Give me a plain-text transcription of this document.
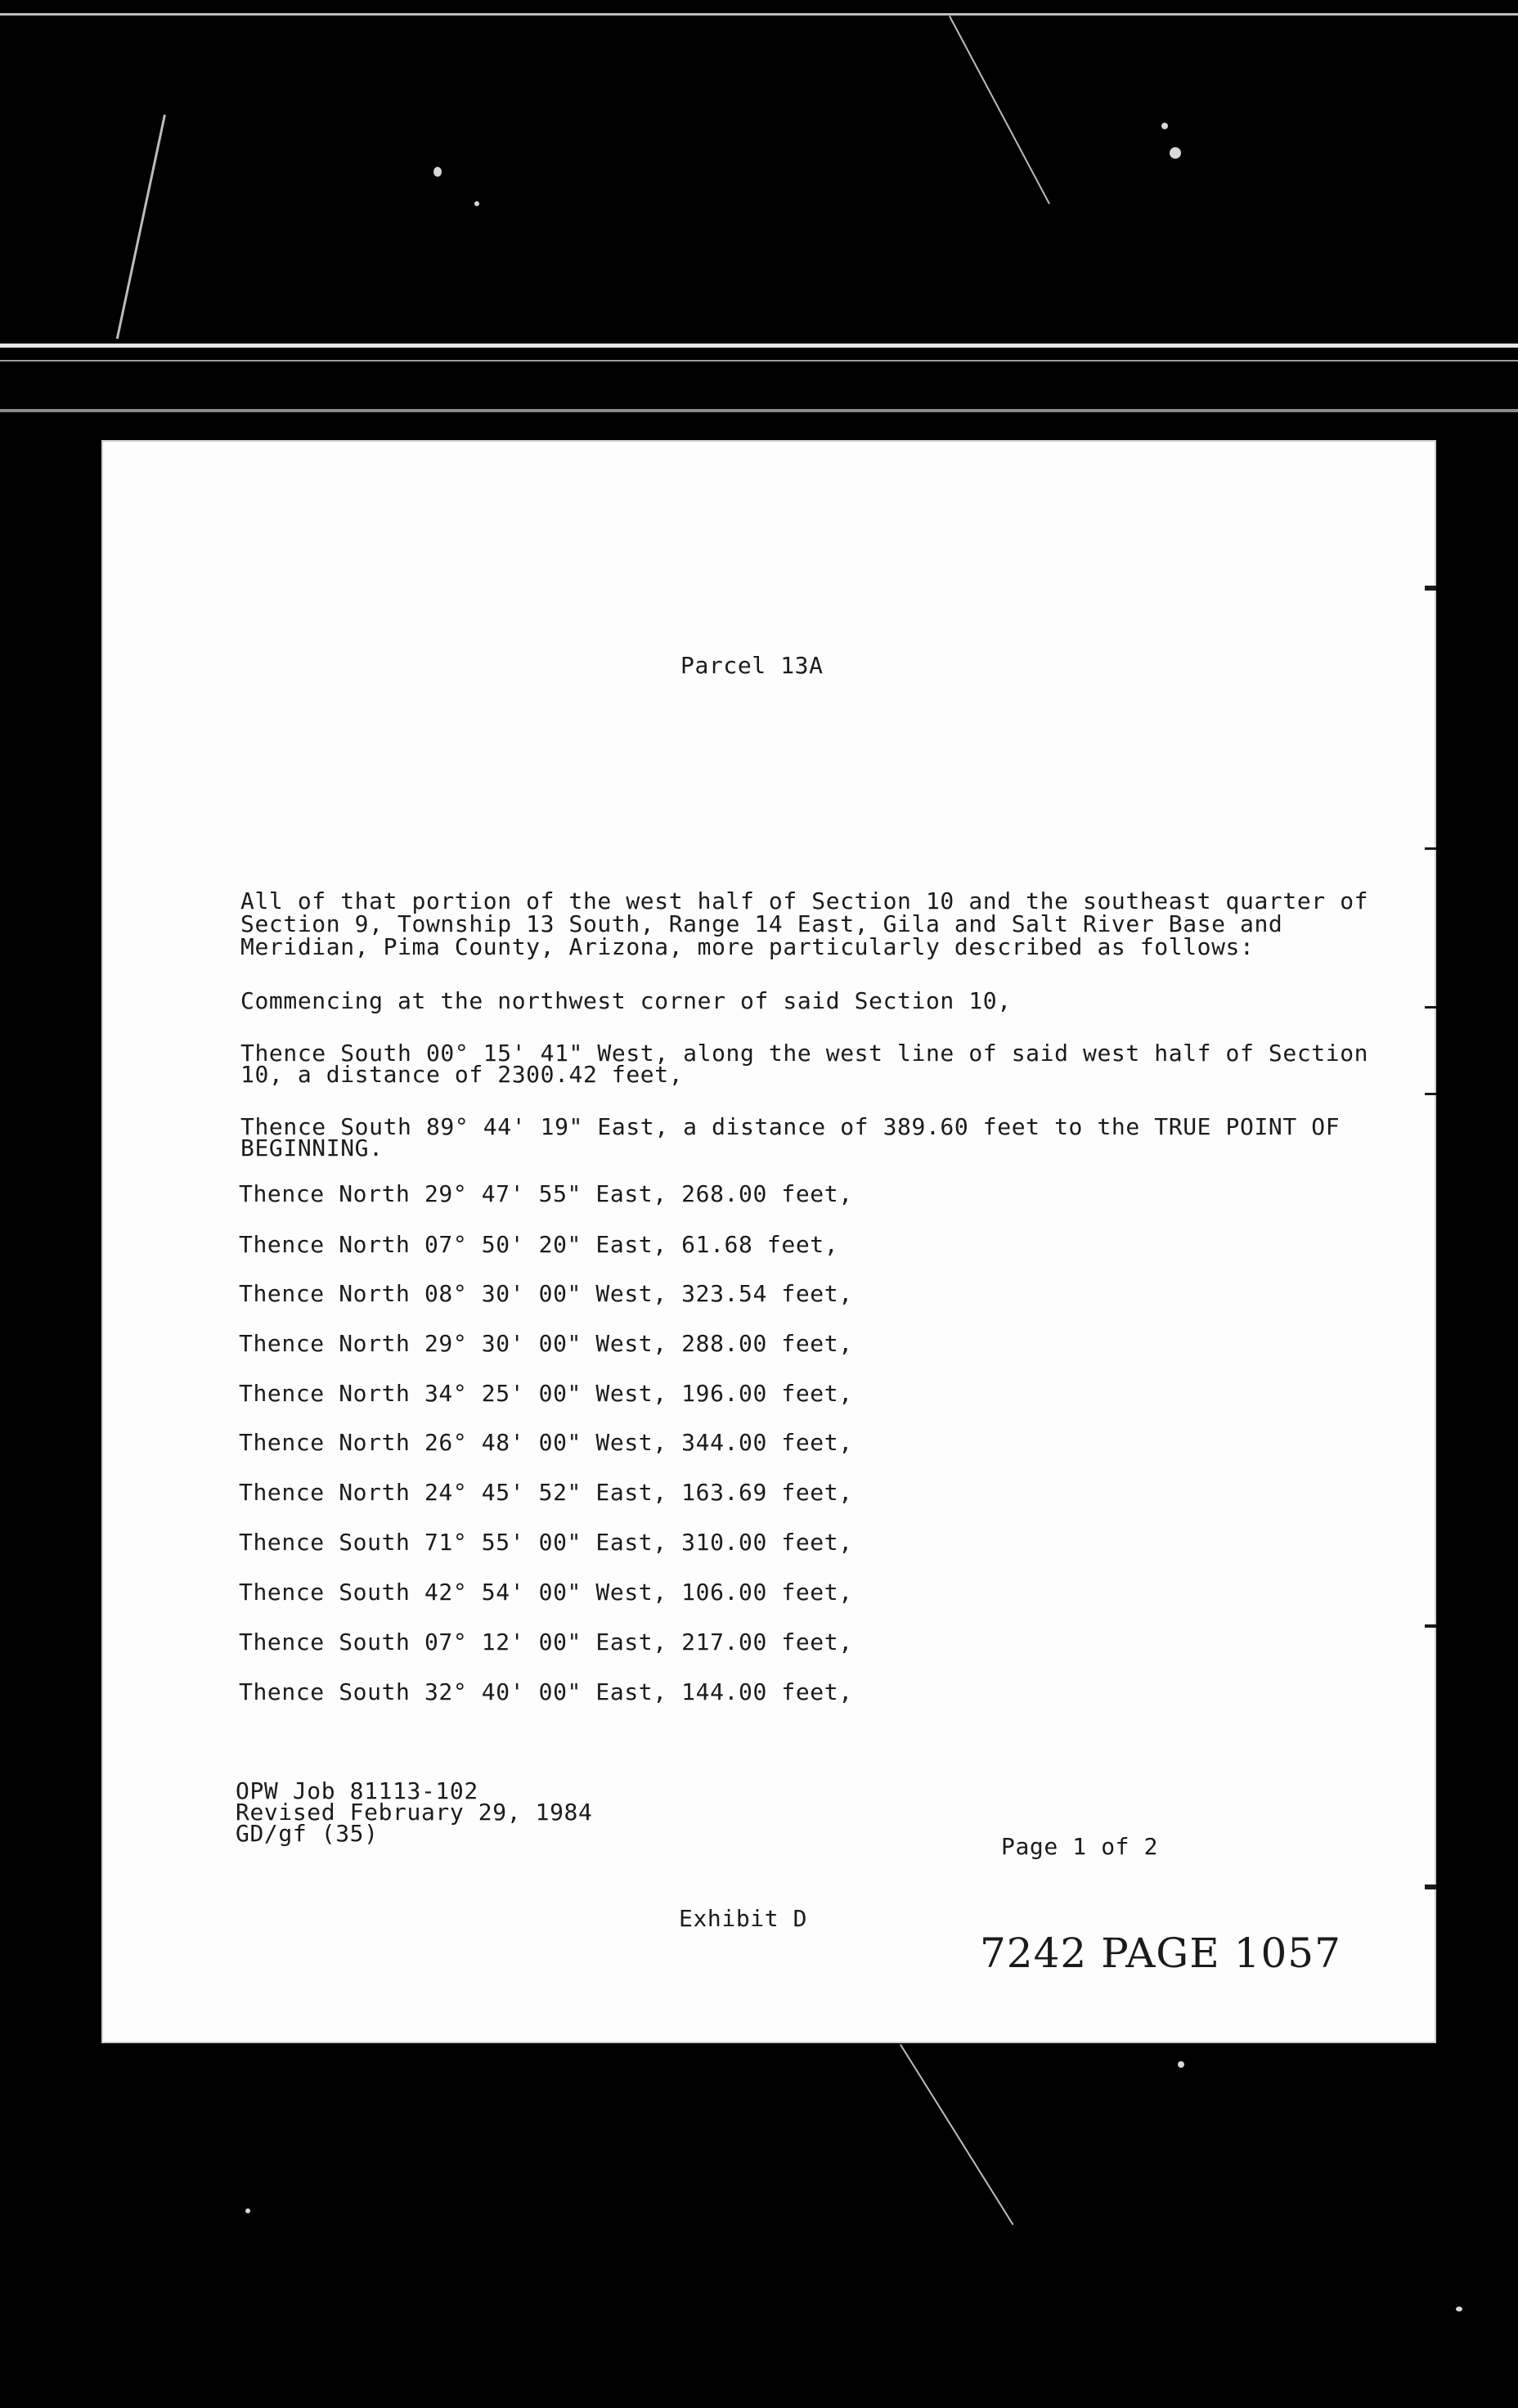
Parcel 13A
All of that portion of the west half of Section 10 and the southeast quarter of
Section 9, Township 13 South, Range 14 East, Gila and Salt River Base and
Meridian, Pima County, Arizona, more particularly described as follows:
Commencing at the northwest corner of said Section 10,
Thence South 00° 15' 41" West, along the west line of said west half of Section
10, a distance of 2300.42 feet,
Thence South 89° 44' 19" East, a distance of 389.60 feet to the TRUE POINT OF
BEGINNING.
Thence North 29° 47' 55" East, 268.00 feet,
Thence North 07° 50' 20" East, 61.68 feet,
Thence North 08° 30' 00" West, 323.54 feet,
Thence North 29° 30' 00" West, 288.00 feet,
Thence North 34° 25' 00" West, 196.00 feet,
Thence North 26° 48' 00" West, 344.00 feet,
Thence North 24° 45' 52" East, 163.69 feet,
Thence South 71° 55' 00" East, 310.00 feet,
Thence South 42° 54' 00" West, 106.00 feet,
Thence South 07° 12' 00" East, 217.00 feet,
Thence South 32° 40' 00" East, 144.00 feet,
OPW Job 81113-102
Revised February 29, 1984
GD/gf (35)	Page 1 of 2
Exhibit D
7242 PAGE 1057
